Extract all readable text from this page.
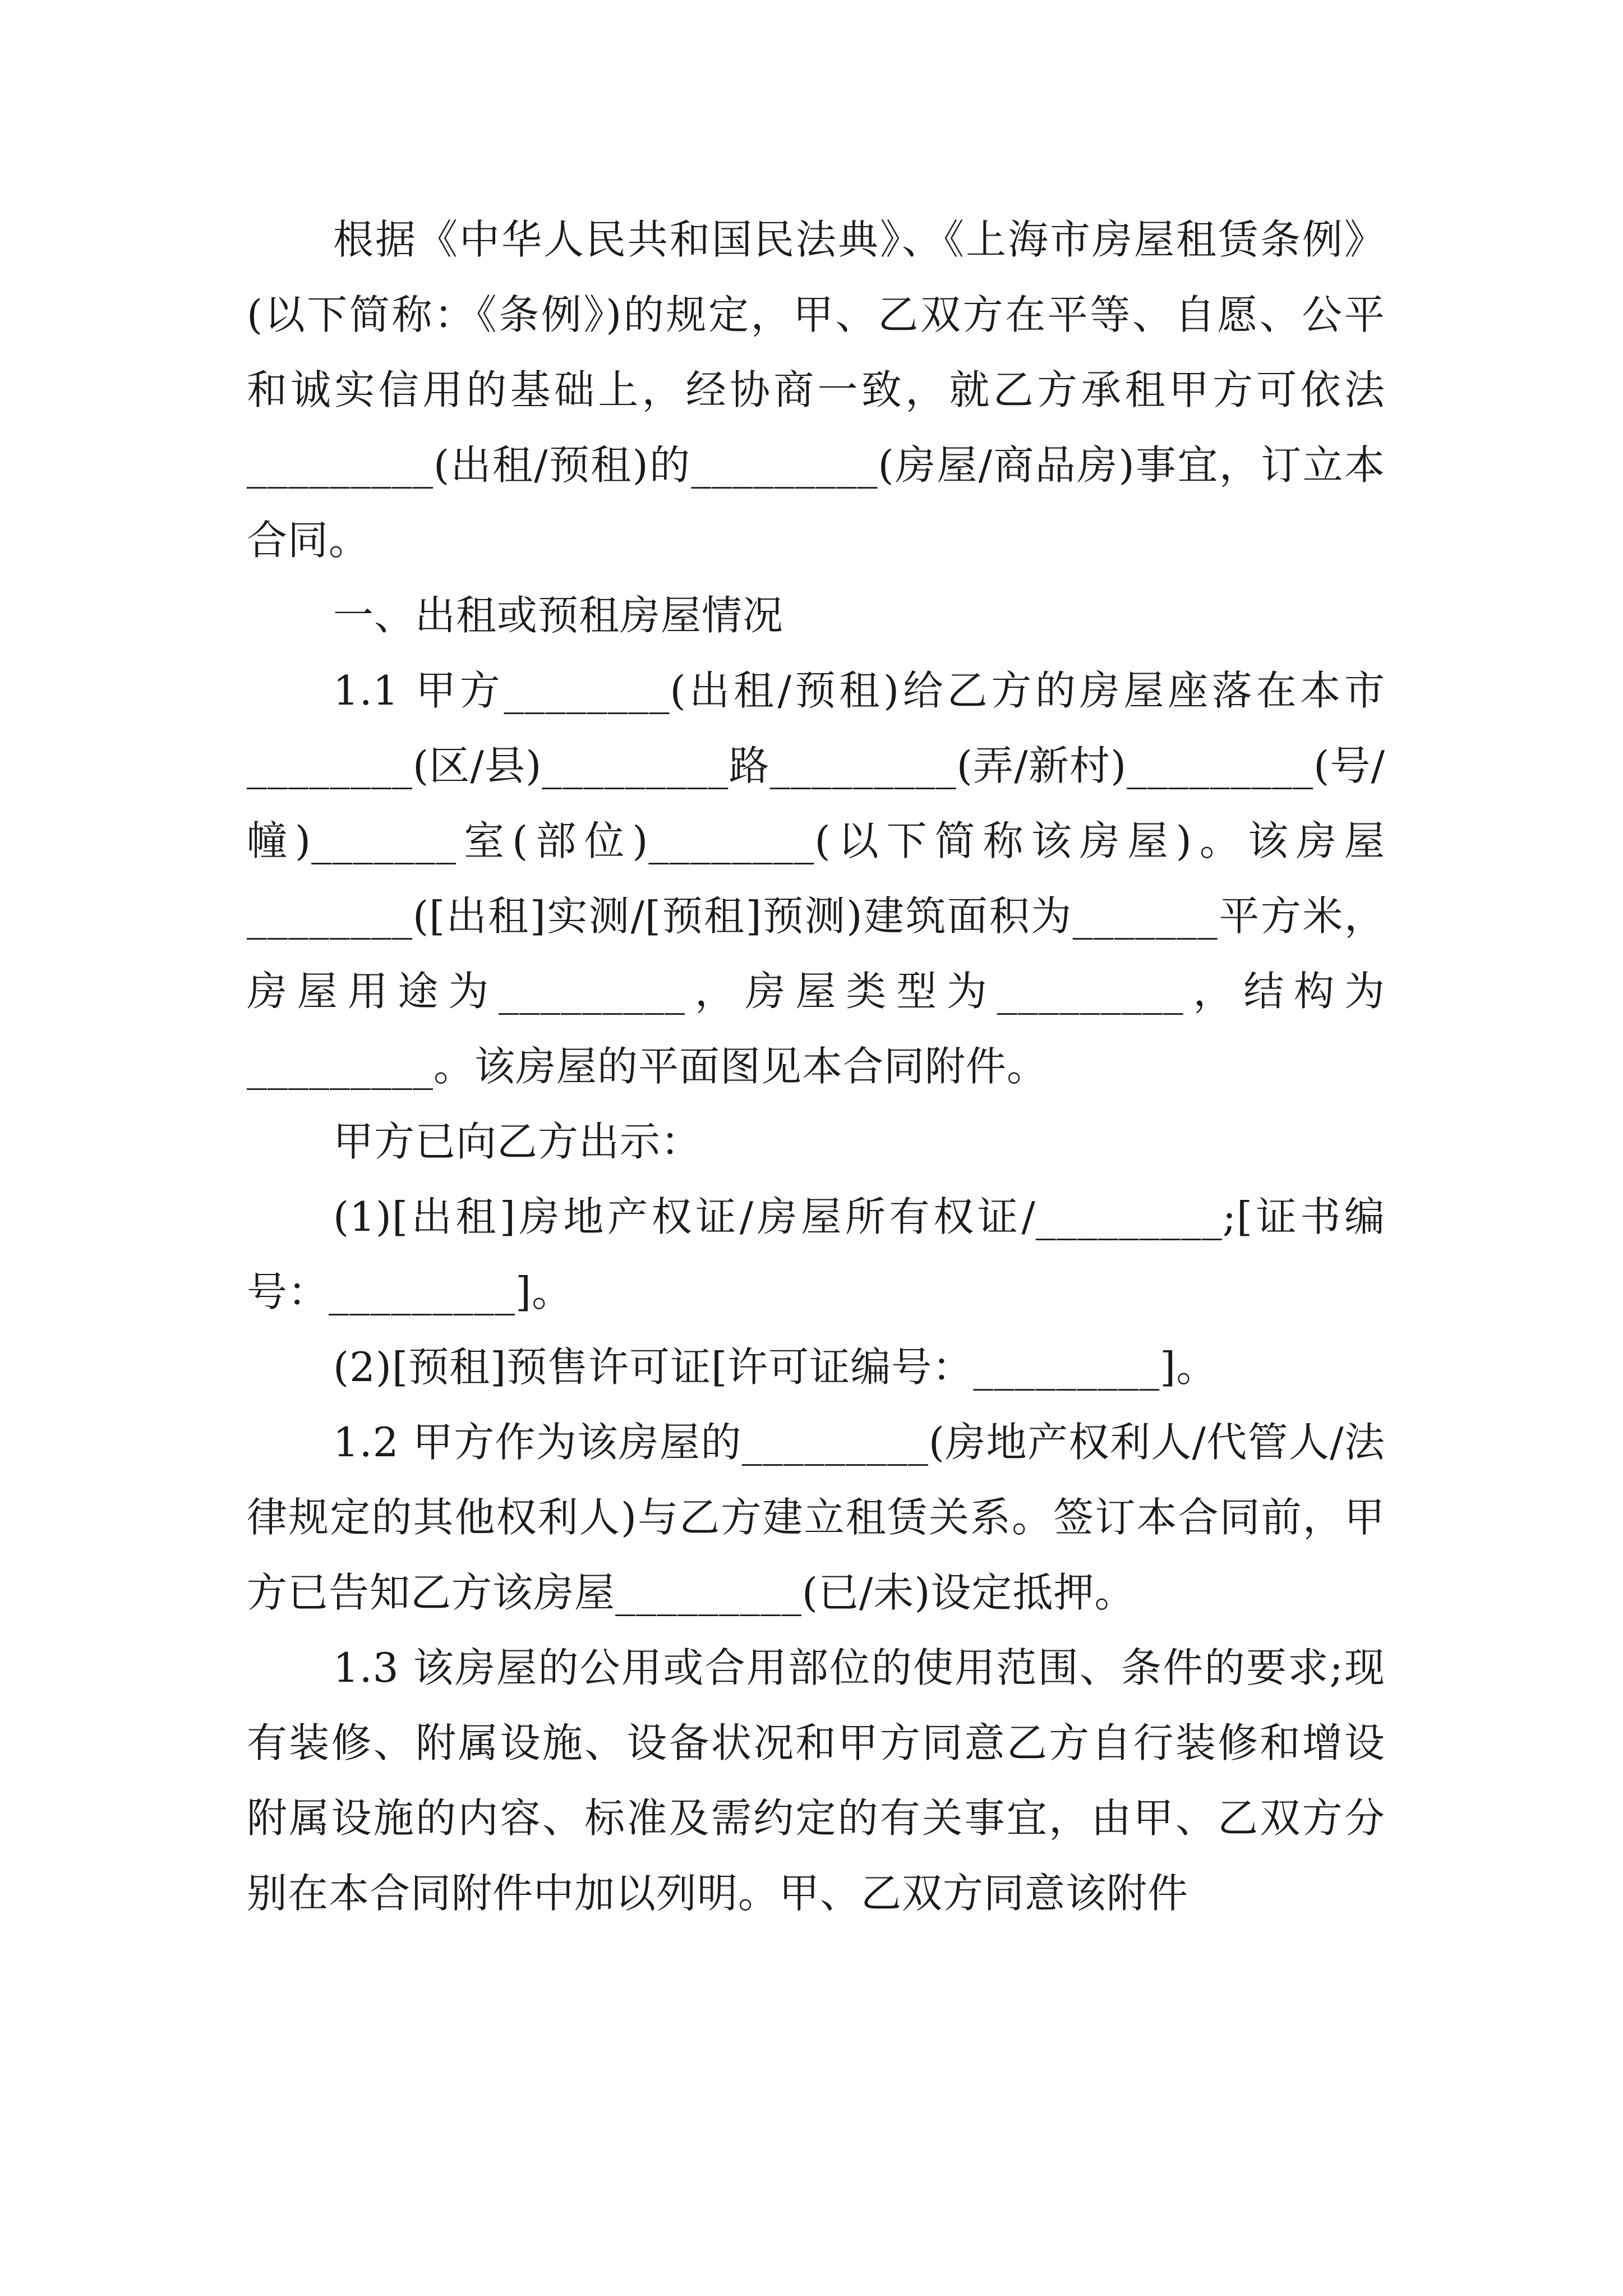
根据《中华人民共和国民法典》、《上海市房屋租赁条例》(以下简称：《条例》)的规定，甲、乙双方在平等、自愿、公平和诚实信用的基础上，经协商一致，就乙方承租甲方可依法_________(出租/预租)的_________(房屋/商品房)事宜，订立本合同。

一、出租或预租房屋情况

1.1 甲方________(出租/预租)给乙方的房屋座落在本市________(区/县)_________路_________(弄/新村)_________(号/幢)_______室(部位)________(以下简称该房屋)。该房屋________([出租]实测/[预租]预测)建筑面积为_______平方米，房屋用途为_________，房屋类型为_________，结构为_________。该房屋的平面图见本合同附件。

甲方已向乙方出示：

(1)[出租]房地产权证/房屋所有权证/_________;[证书编号：_________]。

(2)[预租]预售许可证[许可证编号：_________]。

1.2 甲方作为该房屋的_________(房地产权利人/代管人/法律规定的其他权利人)与乙方建立租赁关系。签订本合同前，甲方已告知乙方该房屋_________(已/未)设定抵押。

1.3 该房屋的公用或合用部位的使用范围、条件的要求;现有装修、附属设施、设备状况和甲方同意乙方自行装修和增设附属设施的内容、标准及需约定的有关事宜，由甲、乙双方分别在本合同附件中加以列明。甲、乙双方同意该附件
